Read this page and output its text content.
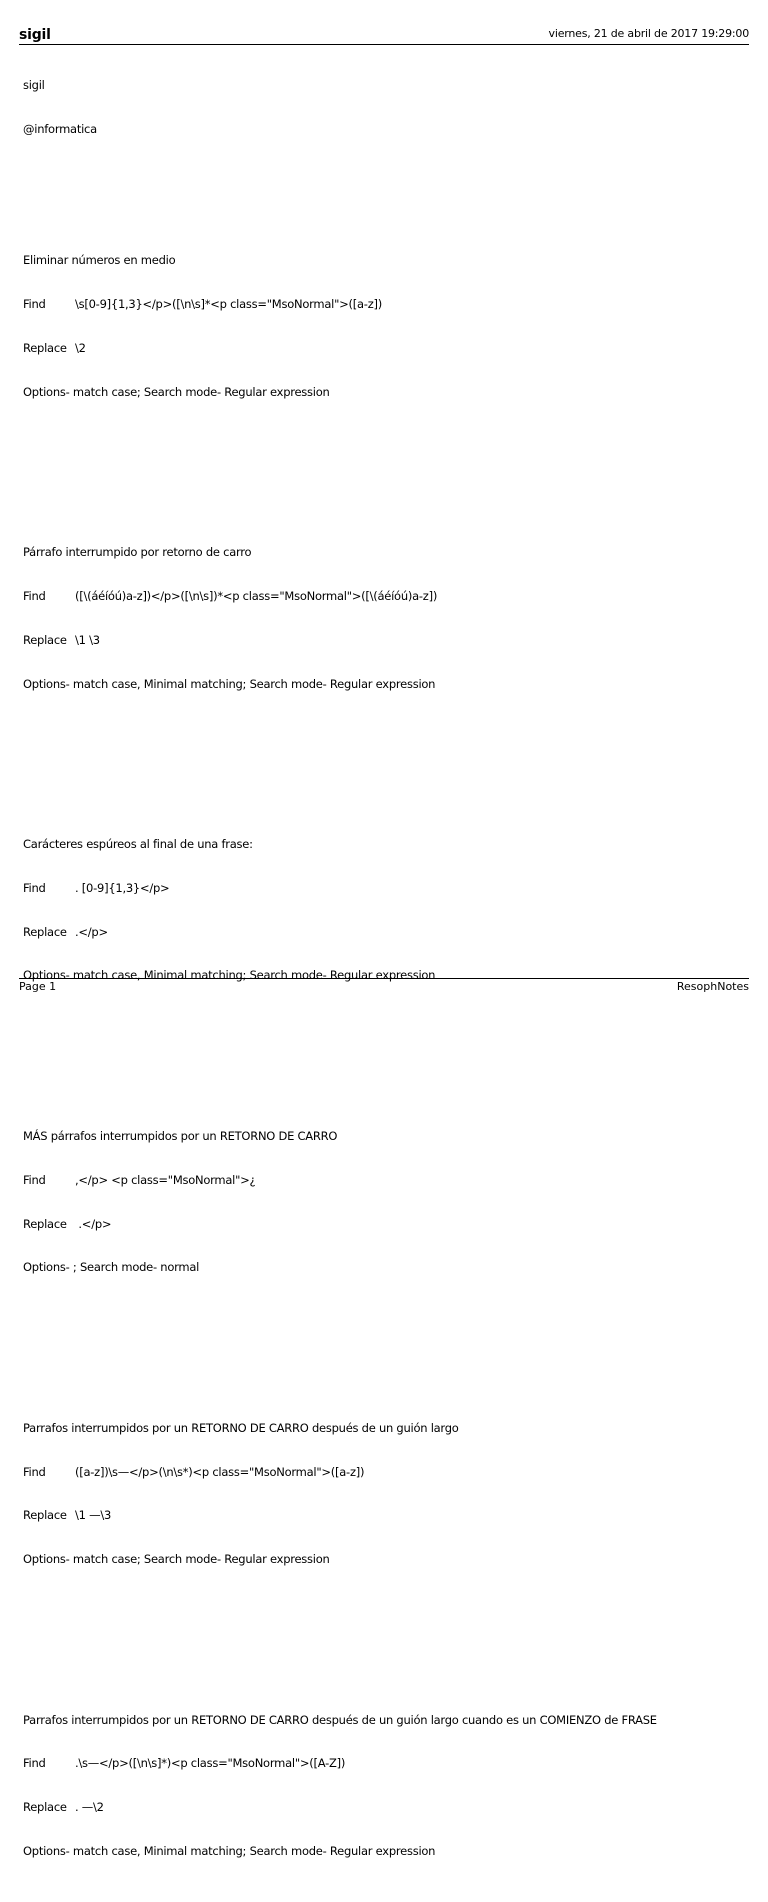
sigil	viernes, 21 de abril de 2017 19:29:00

sigil

@informatica

Eliminar números en medio

Find	\s[0-9]{1,3}</p>([\n\s]*<p class="MsoNormal">([a-z])

Replace \2

Options- match case; Search mode- Regular expression

Párrafo interrumpido por retorno de carro

Find	([\(áéíóú)a-z])</p>([\n\s])*<p class="MsoNormal">([\(áéíóú)a-z])

Replace \1 \3

Options- match case, Minimal matching; Search mode- Regular expression

Carácteres espúreos al final de una frase:

Find	. [0-9]{1,3}</p>

Replace .</p>

Options- match case, Minimal matching; Search mode- Regular expression

MÁS párrafos interrumpidos por un RETORNO DE CARRO

Find	,</p> <p class="MsoNormal">¿

Replace .</p>

Options- ; Search mode- normal

Parrafos interrumpidos por un RETORNO DE CARRO después de un guión largo

Find	([a-z])\s—</p>(\n\s*)<p class="MsoNormal">([a-z])

Replace \1 —\3

Options- match case; Search mode- Regular expression

Parrafos interrumpidos por un RETORNO DE CARRO después de un guión largo cuando es un COMIENZO de FRASE

Find	.\s—</p>([\n\s]*)<p class="MsoNormal">([A-Z])

Replace . —\2

Options- match case, Minimal matching; Search mode- Regular expression

Page 1	ResophNotes
